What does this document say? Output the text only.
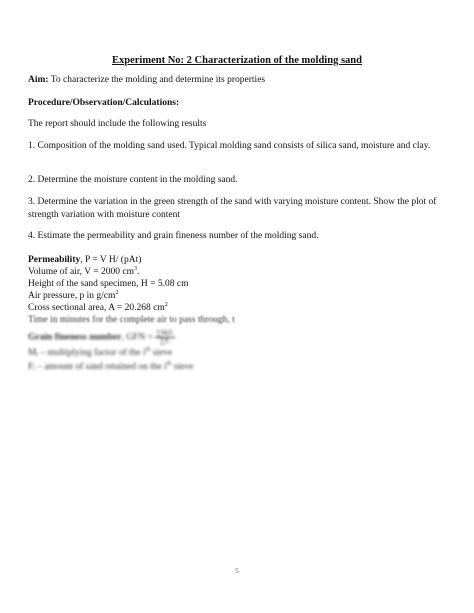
Experiment No: 2 Characterization of the molding sand
Aim: To characterize the molding and determine its properties
Procedure/Observation/Calculations:
The report should include the following results
1. Composition of the molding sand used. Typical molding sand consists of silica sand, moisture and clay.
2. Determine the moisture content in the molding sand.
3. Determine the variation in the green strength of the sand with varying moisture content. Show the plot of strength variation with moisture content
4. Estimate the permeability and grain fineness number of the molding sand.
Permeability, P = V H/ (pAt)
Volume of air, V = 2000 $cm^3$.
Height of the sand specimen, H = 5.08 cm
Air pressure, p in $g/cm^2$
Cross sectional area, A = 20.268 $cm^2$
Time in minutes for the complete air to pass through, t
Grain fineness number, GFN = $\frac{\text{∑MᵢFᵢ}}{\text{∑Fᵢ}}$
Mᵢ – multiplying factor of the $i^{th}$ sieve
Fᵢ – amount of sand retained on the $i^{th}$ sieve
5
